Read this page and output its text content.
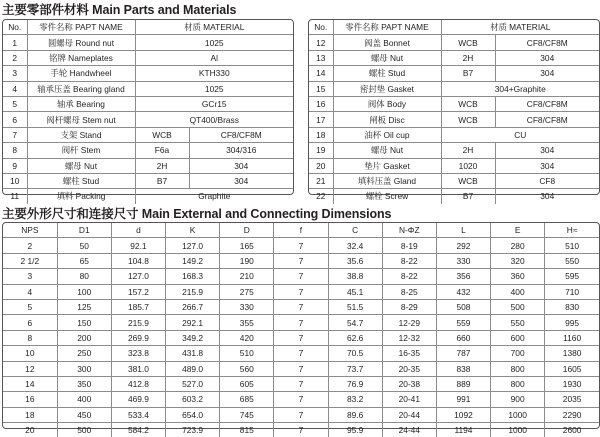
主要零部件材料 Main Parts and Materials
No.	零件名称 PAPT NAME	材质 MATERIAL	
1	圆螺母 Round nut	1025	
2	铭牌 Nameplates	Al	
3	手轮 Handwheel	KTH330	
4	轴承压盖 Bearing gland	1025	
5	轴承 Bearing	GCr15	
6	阀杆螺母 Stem nut	QT400/Brass	
7	支架 Stand	WCB	CF8/CF8M
8	阀杆 Stem	F6a	304/316
9	螺母 Nut	2H	304
10	螺柱 Stud	B7	304
11	填料 Packing	Graphite	
No.	零件名称 PAPT NAME	材质 MATERIAL	
12	阀盖 Bonnet	WCB	CF8/CF8M
13	螺母 Nut	2H	304
14	螺柱 Stud	B7	304
15	密封垫 Gasket	304+Graphite	
16	阀体 Body	WCB	CF8/CF8M
17	闸板 Disc	WCB	CF8/CF8M
18	油杯 Oil cup	CU	
19	螺母 Nut	2H	304
20	垫片 Gasket	1020	304
21	填料压盖 Gland	WCB	CF8
22	螺栓 Screw	B7	304
主要外形尺寸和连接尺寸 Main External and Connecting Dimensions
NPS	D1	d	K	D	f	C	N-ΦZ	L	E	H≈
2	50	92.1	127.0	165	7	32.4	8-19	292	280	510
2 1/2	65	104.8	149.2	190	7	35.6	8-22	330	320	550
3	80	127.0	168.3	210	7	38.8	8-22	356	360	595
4	100	157.2	215.9	275	7	45.1	8-25	432	400	710
5	125	185.7	266.7	330	7	51.5	8-29	508	500	830
6	150	215.9	292.1	355	7	54.7	12-29	559	550	995
8	200	269.9	349.2	420	7	62.6	12-32	660	600	1160
10	250	323.8	431.8	510	7	70.5	16-35	787	700	1380
12	300	381.0	489.0	560	7	73.7	20-35	838	800	1605
14	350	412.8	527.0	605	7	76.9	20-38	889	800	1930
16	400	469.9	603.2	685	7	83.2	20-41	991	900	2035
18	450	533.4	654.0	745	7	89.6	20-44	1092	1000	2290
20	500	584.2	723.9	815	7	95.9	24-44	1194	1000	2600
